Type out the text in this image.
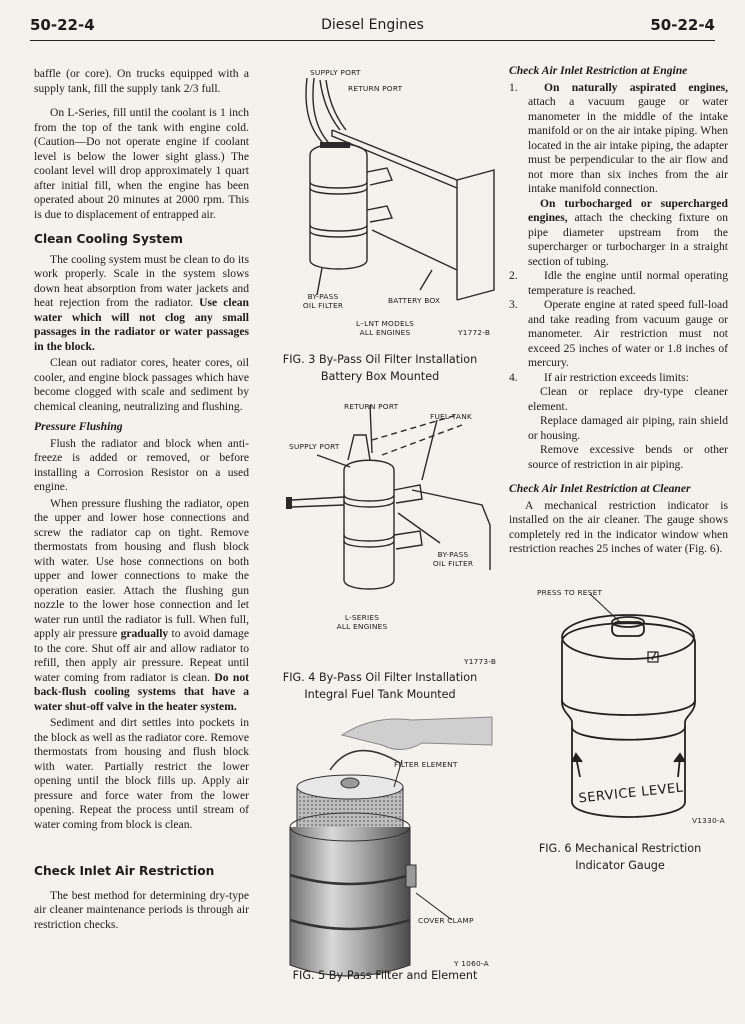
50-22-4	Diesel Engines	50-22-4

baffle (or core). On trucks equipped with a supply tank, fill the supply tank 2/3 full.

On L-Series, fill until the coolant is 1 inch from the top of the tank with engine cold. (Caution—Do not operate engine if coolant level is below the lower sight glass.) The coolant level will drop approximately 1 quart after initial fill, when the engine has been operated about 20 minutes at 2000 rpm. This is due to displacement of entrapped air.

Clean Cooling System

The cooling system must be clean to do its work properly. Scale in the system slows down heat absorption from water jackets and heat rejection from the radiator. Use clean water which will not clog any small passages in the radiator or water passages in the block.

Clean out radiator cores, heater cores, oil cooler, and engine block passages which have become clogged with scale and sediment by chemical cleaning, neutralizing and flushing.

Pressure Flushing

Flush the radiator and block when anti-freeze is added or removed, or before installing a Corrosion Resistor on a used engine.

When pressure flushing the radiator, open the upper and lower hose connections and screw the radiator cap on tight. Remove thermostats from housing and flush block with water. Use hose connections on both upper and lower connections to make the operation easier. Attach the flushing gun nozzle to the lower hose connection and let water run until the radiator is full. When full, apply air pressure gradually to avoid damage to the core. Shut off air and allow radiator to refill, then apply air pressure. Repeat until water coming from radiator is clean. Do not back-flush cooling systems that have a water shut-off valve in the heater system.

Sediment and dirt settles into pockets in the block as well as the radiator core. Remove thermostats from housing and flush block with water. Partially restrict the lower opening until the block fills up. Apply air pressure and force water from the lower opening. Repeat the process until stream of water coming from block is clean.

Check Inlet Air Restriction

The best method for determining dry-type air cleaner maintenance periods is through air restriction checks.

Check Air Inlet Restriction at Engine
1.	On naturally aspirated engines, attach a vacuum gauge or water manometer in the middle of the intake manifold or on the air intake piping. When located in the air intake piping, the adapter must be perpendicular to the air flow and not more than six inches from the air intake manifold connection.

On turbocharged or supercharged engines, attach the checking fixture on pipe diameter upstream from the supercharger or turbocharger in a straight section of tubing.

2.	Idle the engine until normal operating temperature is reached.

3.	Operate engine at rated speed full-load and take reading from vacuum gauge or manometer. Air restriction must not exceed 25 inches of water or 1.8 inches of mercury.

4.	If air restriction exceeds limits:

Clean or replace dry-type cleaner element.

Replace damaged air piping, rain shield or housing.

Remove excessive bends or other source of restriction in air piping.

Check Air Inlet Restriction at Cleaner

A mechanical restriction indicator is installed on the air cleaner. The gauge shows completely red in the indicator window when restriction reaches 25 inches of water (Fig. 6).

SUPPLY PORT
RETURN PORT
BY-PASS
OIL FILTER
BATTERY BOX
L–LNT MODELS
ALL ENGINES	Y1772-B
FIG. 3 By-Pass Oil Filter Installation
Battery Box Mounted
RETURN PORT
FUEL TANK
SUPPLY PORT
BY-PASS
OIL FILTER
L-SERIES
ALL ENGINES
Y1773-B
FIG. 4 By-Pass Oil Filter Installation
Integral Fuel Tank Mounted
FILTER ELEMENT
COVER CLAMP
Y 1060-A
FIG. 5 By-Pass Filter and Element
PRESS TO RESET
SERVICE LEVEL
V1330-A
FIG. 6 Mechanical Restriction
Indicator Gauge
